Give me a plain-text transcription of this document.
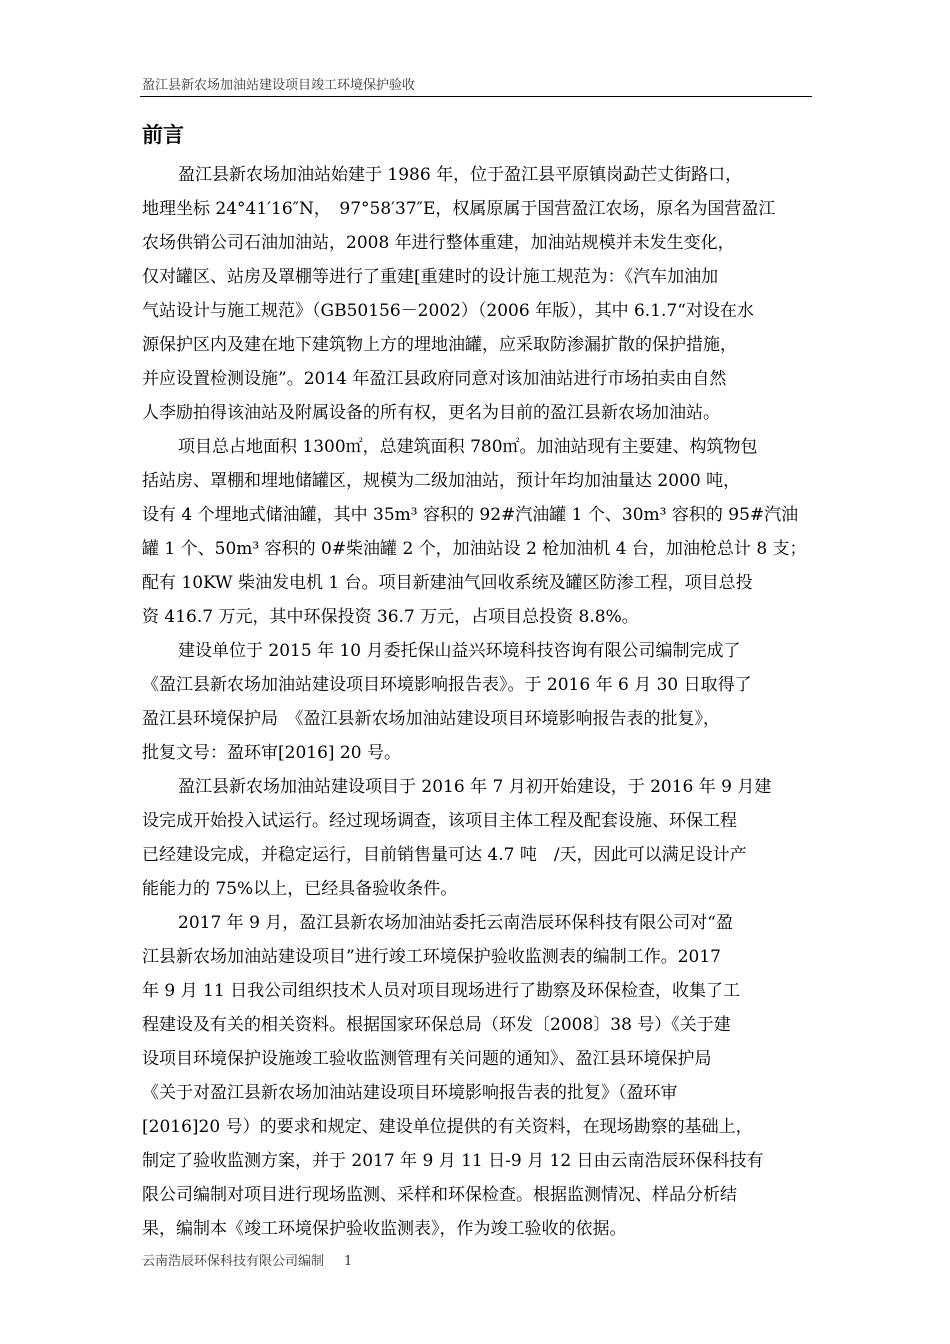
盈江县新农场加油站建设项目竣工环境保护验收
前言
盈江县新农场加油站始建于 1986 年，位于盈江县平原镇岗勐芒丈街路口，
地理坐标 24°41′16″N，　97°58′37″E，权属原属于国营盈江农场，原名为国营盈江
农场供销公司石油加油站，2008 年进行整体重建，加油站规模并未发生变化，
仅对罐区、站房及罩棚等进行了重建[重建时的设计施工规范为：《汽车加油加
气站设计与施工规范》（GB50156－2002）（2006 年版），其中 6.1.7“对设在水
源保护区内及建在地下建筑物上方的埋地油罐，应采取防渗漏扩散的保护措施，
并应设置检测设施”。2014 年盈江县政府同意对该加油站进行市场拍卖由自然
人李励拍得该油站及附属设备的所有权，更名为目前的盈江县新农场加油站。
项目总占地面积 1300㎡，总建筑面积 780㎡。加油站现有主要建、构筑物包
括站房、罩棚和埋地储罐区，规模为二级加油站，预计年均加油量达 2000 吨，
设有 4 个埋地式储油罐，其中 35m³ 容积的 92#汽油罐 1 个、30m³ 容积的 95#汽油
罐 1 个、50m³ 容积的 0#柴油罐 2 个，加油站设 2 枪加油机 4 台，加油枪总计 8 支；
配有 10KW 柴油发电机 1 台。项目新建油气回收系统及罐区防渗工程，项目总投
资 416.7 万元，其中环保投资 36.7 万元，占项目总投资 8.8%。
建设单位于 2015 年 10 月委托保山益兴环境科技咨询有限公司编制完成了
《盈江县新农场加油站建设项目环境影响报告表》。于 2016 年 6 月 30 日取得了
盈江县环境保护局　《盈江县新农场加油站建设项目环境影响报告表的批复》，
批复文号：盈环审[2016] 20 号。
盈江县新农场加油站建设项目于 2016 年 7 月初开始建设，于 2016 年 9 月建
设完成开始投入试运行。经过现场调查，该项目主体工程及配套设施、环保工程
已经建设完成，并稳定运行，目前销售量可达 4.7 吨　/天，因此可以满足设计产
能能力的 75%以上，已经具备验收条件。
2017 年 9 月，盈江县新农场加油站委托云南浩辰环保科技有限公司对“盈
江县新农场加油站建设项目”进行竣工环境保护验收监测表的编制工作。2017
年 9 月 11 日我公司组织技术人员对项目现场进行了勘察及环保检查，收集了工
程建设及有关的相关资料。根据国家环保总局（环发〔2008〕38 号）《关于建
设项目环境保护设施竣工验收监测管理有关问题的通知》、盈江县环境保护局
《关于对盈江县新农场加油站建设项目环境影响报告表的批复》（盈环审
[2016]20 号）的要求和规定、建设单位提供的有关资料，在现场勘察的基础上，
制定了验收监测方案，并于 2017 年 9 月 11 日-9 月 12 日由云南浩辰环保科技有
限公司编制对项目进行现场监测、采样和环保检查。根据监测情况、样品分析结
果，编制本《竣工环境保护验收监测表》，作为竣工验收的依据。
云南浩辰环保科技有限公司编制 1
